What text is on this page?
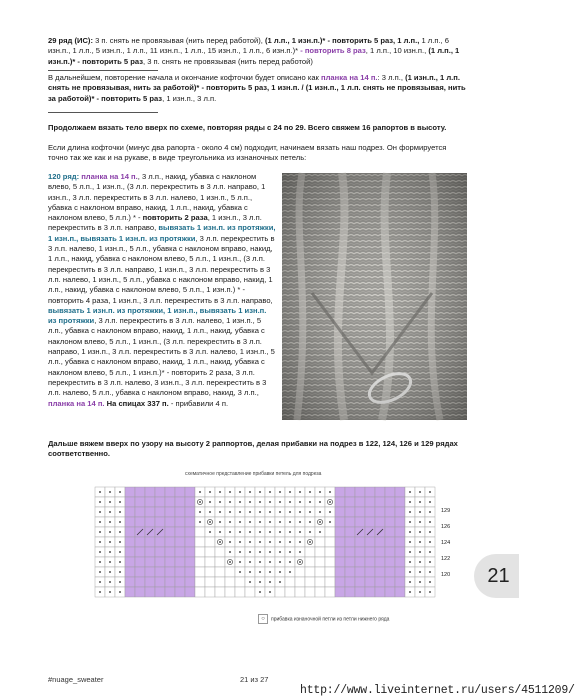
29 ряд (ИС): 3 п. снять не провязывая (нить перед работой), (1 л.п., 1 изн.п.)* - повторить 5 раз, 1 л.п., 1 л.п., 6 изн.п., 1 л.п., 5 изн.п., 1 л.п., 11 изн.п., 1 л.п., 15 изн.п., 1 л.п., 6 изн.п.)* - повторить 8 раз, 1 л.п., 10 изн.п., (1 л.п., 1 изн.п.)* - повторить 5 раз, 3 п. снять не провязывая (нить перед работой)

В дальнейшем, повторение начала и окончание кофточки будет описано как планка на 14 п.: 3 л.п., (1 изн.п., 1 л.п. снять не провязывая, нить за работой)* - повторить 5 раз, 1 изн.п. / (1 изн.п., 1 л.п. снять не провязывая, нить за работой)* - повторить 5 раз, 1 изн.п., 3 л.п.

Продолжаем вязать тело вверх по схеме, повторяя ряды с 24 по 29. Всего свяжем 16 рапортов в высоту.

Если длина кофточки (минус два рапорта - около 4 см) подходит, начинаем вязать наш подрез. Он формируется точно так же как и на рукаве, в виде треугольника из изнаночных петель:

120 ряд: планка на 14 п., 3 л.п., накид, убавка с наклоном влево, 5 л.п., 1 изн.п., (3 л.п. перекрестить в 3 л.п. направо, 1 изн.п., 3 л.п. перекрестить в 3 л.п. налево, 1 изн.п., 5 л.п., убавка с наклоном вправо, накид, 1 л.п., накид, убавка с наклоном влево, 5 л.п.) * - повторить 2 раза, 1 изн.п., 3 л.п. перекрестить в 3 л.п. направо, вывязать 1 изн.п. из протяжки, 1 изн.п., вывязать 1 изн.п. из протяжки, 3 л.п. перекрестить в 3 л.п. налево, 1 изн.п., 5 л.п., убавка с наклоном вправо, накид, 1 л.п., накид, убавка с наклоном влево, 5 л.п., 1 изн.п., (3 л.п. перекрестить в 3 л.п. направо, 1 изн.п., 3 л.п. перекрестить в 3 л.п. налево, 1 изн.п., 5 л.п., убавка с наклоном вправо, накид, 1 л.п., накид, убавка с наклоном влево, 5 л.п., 1 изн.п.) * - повторить 4 раза, 1 изн.п., 3 л.п. перекрестить в 3 л.п. направо, вывязать 1 изн.п. из протяжки, 1 изн.п., вывязать 1 изн.п. из протяжки, 3 л.п. перекрестить в 3 л.п. налево, 1 изн.п., 5 л.п., убавка с наклоном вправо, накид, 1 л.п., накид, убавка с наклоном влево, 5 л.п., 1 изн.п., (3 л.п. перекрестить в 3 л.п. направо, 1 изн.п., 3 л.п. перекрестить в 3 л.п. налево, 1 изн.п., 5 л.п., убавка с наклоном вправо, накид, 1 л.п., накид, убавка с наклоном влево, 5 л.п., 1 изн.п.)* - повторить 2 раза, 3 л.п. перекрестить в 3 л.п. налево, 3 изн.п., 3 л.п. перекрестить в 3 л.п. налево, 5 л.п., убавка с наклоном вправо, накид, 3 л.п., планка на 14 п. На спицах 337 п. - прибавили 4 п.

Дальше вяжем вверх по узору на высоту 2 раппортов, делая прибавки на подрез в 122, 124, 126 и 129 рядах соответственно.

схематичное представление прибавки петель для подреза
129
126
124
122
120
○ прибавка изнаночной петли из петли нижнего ряда
21
#nuage_sweater	21 из 27
http://www.liveinternet.ru/users/4511209/
